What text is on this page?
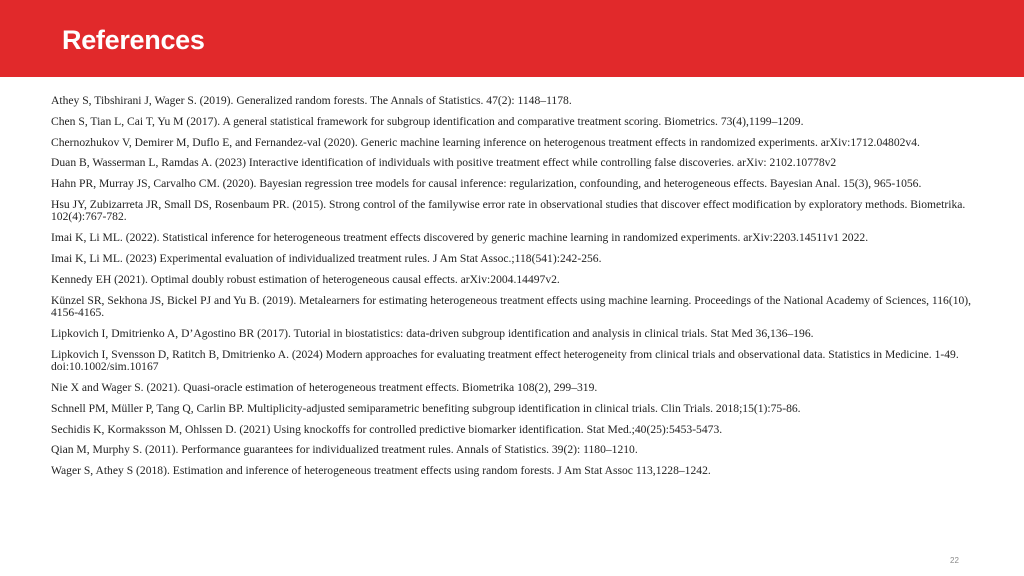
References
Athey S, Tibshirani J, Wager S. (2019). Generalized random forests. The Annals of Statistics. 47(2): 1148–1178.
Chen S, Tian L, Cai T, Yu M (2017). A general statistical framework for subgroup identification and comparative treatment scoring. Biometrics. 73(4),1199–1209.
Chernozhukov V, Demirer M, Duflo E, and Fernandez-val (2020). Generic machine learning inference on heterogenous treatment effects in randomized experiments. arXiv:1712.04802v4.
Duan B, Wasserman L, Ramdas A. (2023) Interactive identification of individuals with positive treatment effect while controlling false discoveries. arXiv: 2102.10778v2
Hahn PR, Murray JS, Carvalho CM. (2020). Bayesian regression tree models for causal inference: regularization, confounding, and heterogeneous effects. Bayesian Anal. 15(3), 965-1056.
Hsu JY, Zubizarreta JR, Small DS, Rosenbaum PR. (2015). Strong control of the familywise error rate in observational studies that discover effect modification by exploratory methods. Biometrika. 102(4):767-782.
Imai K, Li ML. (2022). Statistical inference for heterogeneous treatment effects discovered by generic machine learning in randomized experiments. arXiv:2203.14511v1 2022.
Imai K, Li ML. (2023) Experimental evaluation of individualized treatment rules. J Am Stat Assoc.;118(541):242-256.
Kennedy EH (2021). Optimal doubly robust estimation of heterogeneous causal effects. arXiv:2004.14497v2.
Künzel SR, Sekhona JS, Bickel PJ and Yu B. (2019). Metalearners for estimating heterogeneous treatment effects using machine learning. Proceedings of the National Academy of Sciences, 116(10), 4156-4165.
Lipkovich I, Dmitrienko A, D’Agostino BR (2017). Tutorial in biostatistics: data-driven subgroup identification and analysis in clinical trials. Stat Med 36,136–196.
Lipkovich I, Svensson D, Ratitch B, Dmitrienko A. (2024) Modern approaches for evaluating treatment effect heterogeneity from clinical trials and observational data. Statistics in Medicine. 1-49. doi:10.1002/sim.10167
Nie X and Wager S. (2021). Quasi-oracle estimation of heterogeneous treatment effects. Biometrika 108(2), 299–319.
Schnell PM, Müller P, Tang Q, Carlin BP. Multiplicity-adjusted semiparametric benefiting subgroup identification in clinical trials. Clin Trials. 2018;15(1):75-86.
Sechidis K, Kormaksson M, Ohlssen D. (2021) Using knockoffs for controlled predictive biomarker identification. Stat Med.;40(25):5453-5473.
Qian M, Murphy S. (2011). Performance guarantees for individualized treatment rules. Annals of Statistics. 39(2): 1180–1210.
Wager S, Athey S (2018). Estimation and inference of heterogeneous treatment effects using random forests. J Am Stat Assoc 113,1228–1242.
22
